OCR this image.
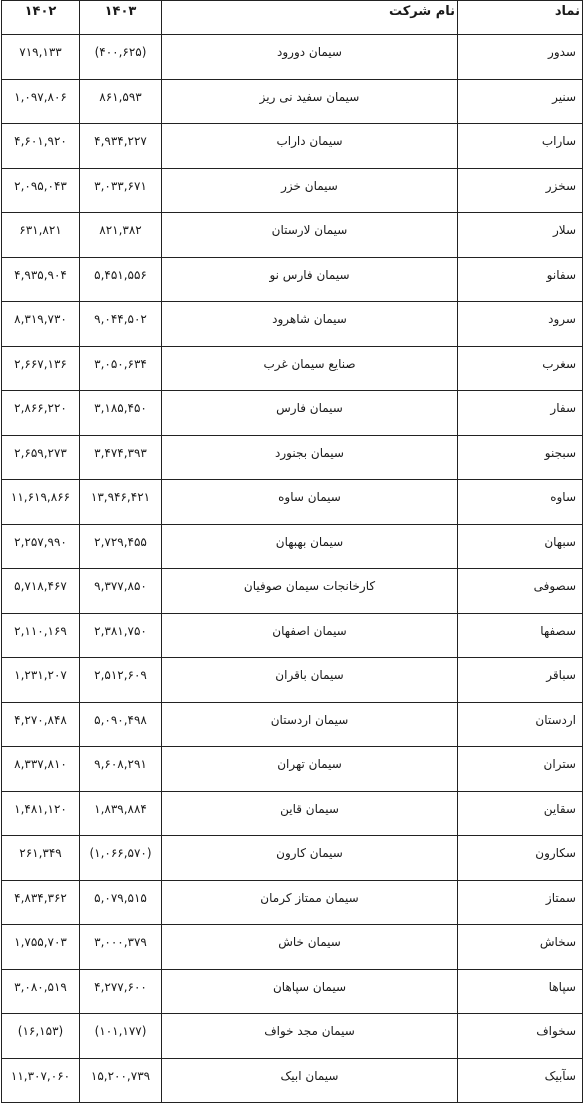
۱۴۰۲	۱۴۰۳	نام شرکت	نماد
۷۱۹,۱۳۳	(۴۰۰,۶۲۵)	سیمان دورود	سدور
۱,۰۹۷,۸۰۶	۸۶۱,۵۹۳	سیمان سفید نی ریز	سنیر
۴,۶۰۱,۹۲۰	۴,۹۳۴,۲۲۷	سیمان داراب	ساراب
۲,۰۹۵,۰۴۳	۳,۰۳۳,۶۷۱	سیمان خزر	سخزر
۶۳۱,۸۲۱	۸۲۱,۳۸۲	سیمان لارستان	سلار
۴,۹۳۵,۹۰۴	۵,۴۵۱,۵۵۶	سیمان فارس نو	سفانو
۸,۳۱۹,۷۳۰	۹,۰۴۴,۵۰۲	سیمان شاهرود	سرود
۲,۶۶۷,۱۳۶	۳,۰۵۰,۶۳۴	صنایع سیمان غرب	سغرب
۲,۸۶۶,۲۲۰	۳,۱۸۵,۴۵۰	سیمان فارس	سفار
۲,۶۵۹,۲۷۳	۳,۴۷۴,۳۹۳	سیمان بجنورد	سبجنو
۱۱,۶۱۹,۸۶۶	۱۳,۹۴۶,۴۲۱	سیمان ساوه	ساوه
۲,۲۵۷,۹۹۰	۲,۷۲۹,۴۵۵	سیمان بهبهان	سبهان
۵,۷۱۸,۴۶۷	۹,۳۷۷,۸۵۰	کارخانجات سیمان صوفیان	سصوفی
۲,۱۱۰,۱۶۹	۲,۳۸۱,۷۵۰	سیمان اصفهان	سصفها
۱,۲۳۱,۲۰۷	۲,۵۱۲,۶۰۹	سیمان باقران	سباقر
۴,۲۷۰,۸۴۸	۵,۰۹۰,۴۹۸	سیمان اردستان	اردستان
۸,۳۳۷,۸۱۰	۹,۶۰۸,۲۹۱	سیمان تهران	ستران
۱,۴۸۱,۱۲۰	۱,۸۳۹,۸۸۴	سیمان قاین	سقاین
۲۶۱,۳۴۹	(۱,۰۶۶,۵۷۰)	سیمان کارون	سکارون
۴,۸۳۴,۳۶۲	۵,۰۷۹,۵۱۵	سیمان ممتاز کرمان	سمتاز
۱,۷۵۵,۷۰۳	۳,۰۰۰,۳۷۹	سیمان خاش	سخاش
۳,۰۸۰,۵۱۹	۴,۲۷۷,۶۰۰	سیمان سپاهان	سپاها
(۱۶,۱۵۳)	(۱۰۱,۱۷۷)	سیمان مجد خواف	سخواف
۱۱,۳۰۷,۰۶۰	۱۵,۲۰۰,۷۳۹	سیمان ابیک	سآبیک
